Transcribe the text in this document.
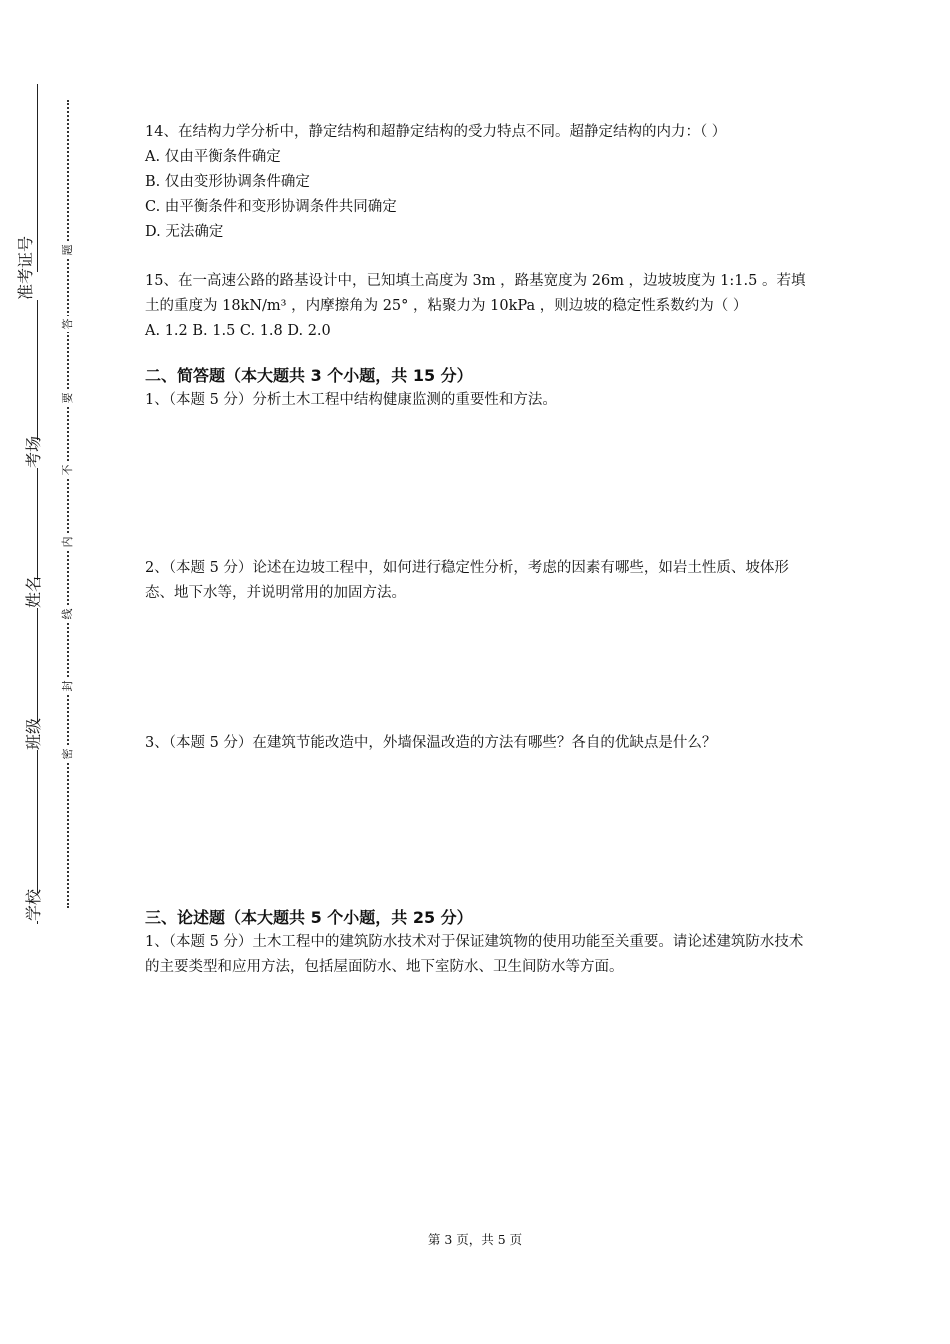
准考证号
考场
姓名
班级
学校
题
答
要
不
内
线
封
密

14、在结构力学分析中，静定结构和超静定结构的受力特点不同。超静定结构的内力：（ ）

A. 仅由平衡条件确定

B. 仅由变形协调条件确定

C. 由平衡条件和变形协调条件共同确定

D. 无法确定

15、在一高速公路的路基设计中，已知填土高度为 3m ，路基宽度为 26m ，边坡坡度为 1:1.5 。若填土的重度为 18kN/m³ ，内摩擦角为 25° ，粘聚力为 10kPa ，则边坡的稳定性系数约为（ ）

A. 1.2 B. 1.5 C. 1.8 D. 2.0

二、简答题（本大题共 3 个小题，共 15 分）

1、（本题 5 分）分析土木工程中结构健康监测的重要性和方法。

2、（本题 5 分）论述在边坡工程中，如何进行稳定性分析，考虑的因素有哪些，如岩土性质、坡体形态、地下水等，并说明常用的加固方法。

3、（本题 5 分）在建筑节能改造中，外墙保温改造的方法有哪些？各自的优缺点是什么？

三、论述题（本大题共 5 个小题，共 25 分）

1、（本题 5 分）土木工程中的建筑防水技术对于保证建筑物的使用功能至关重要。请论述建筑防水技术的主要类型和应用方法，包括屋面防水、地下室防水、卫生间防水等方面。

第 3 页，共 5 页
